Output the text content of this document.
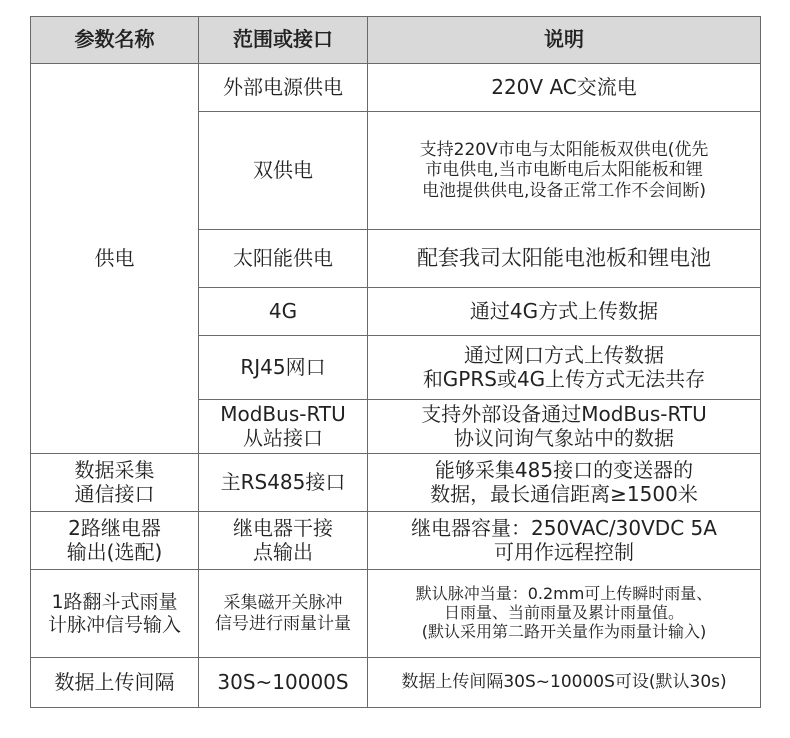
参数名称	范围或接口	说明
供电	外部电源供电	220V AC交流电

	双供电	支持220V市电与太阳能板双供电(优先
市电供电,当市电断电后太阳能板和锂
电池提供供电,设备正常工作不会间断)

	太阳能供电	配套我司太阳能电池板和锂电池

	4G	通过4G方式上传数据

	RJ45网口	通过网口方式上传数据
和GPRS或4G上传方式无法共存

	ModBus-RTU
从站接口	支持外部设备通过ModBus-RTU
协议问询气象站中的数据

数据采集
通信接口	主RS485接口	能够采集485接口的变送器的
数据，最长通信距离≥1500米

2路继电器
输出(选配)	继电器干接
点输出	继电器容量：250VAC/30VDC 5A
可用作远程控制

1路翻斗式雨量
计脉冲信号输入	采集磁开关脉冲
信号进行雨量计量	默认脉冲当量：0.2mm可上传瞬时雨量、
日雨量、当前雨量及累计雨量值。
(默认采用第二路开关量作为雨量计输入)

数据上传间隔	30S~10000S	数据上传间隔30S~10000S可设(默认30s)
